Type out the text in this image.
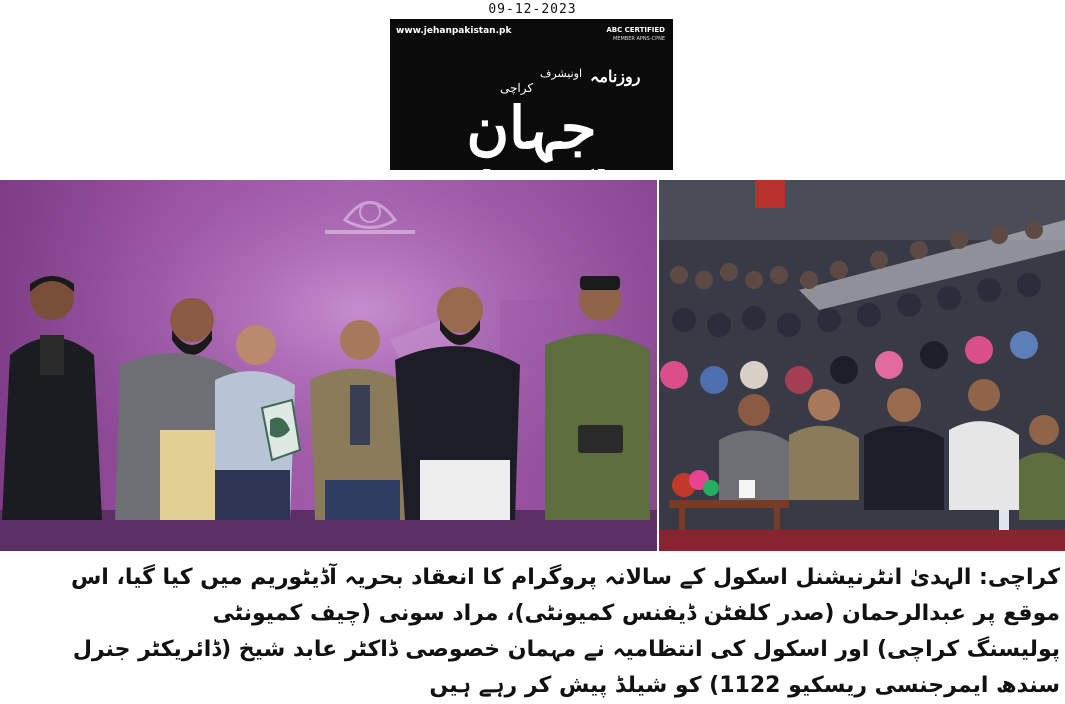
09-12-2023
www.jehanpakistan.pk	ABC CERTIFIED
MEMBER APNS-CPNE
روزنامہ
اونیشرف
کراچی
جہان
کراچی: الہدیٰ انٹرنیشنل اسکول کے سالانہ پروگرام کا انعقاد بحریہ آڈیٹوریم میں کیا گیا، اس موقع پر عبدالرحمان (صدر کلفٹن ڈیفنس کمیونٹی)، مراد سونی (چیف کمیونٹی
پولیسنگ کراچی) اور اسکول کی انتظامیہ نے مہمان خصوصی ڈاکٹر عابد شیخ (ڈائریکٹر جنرل سندھ ایمرجنسی ریسکیو 1122) کو شیلڈ پیش کر رہے ہیں
